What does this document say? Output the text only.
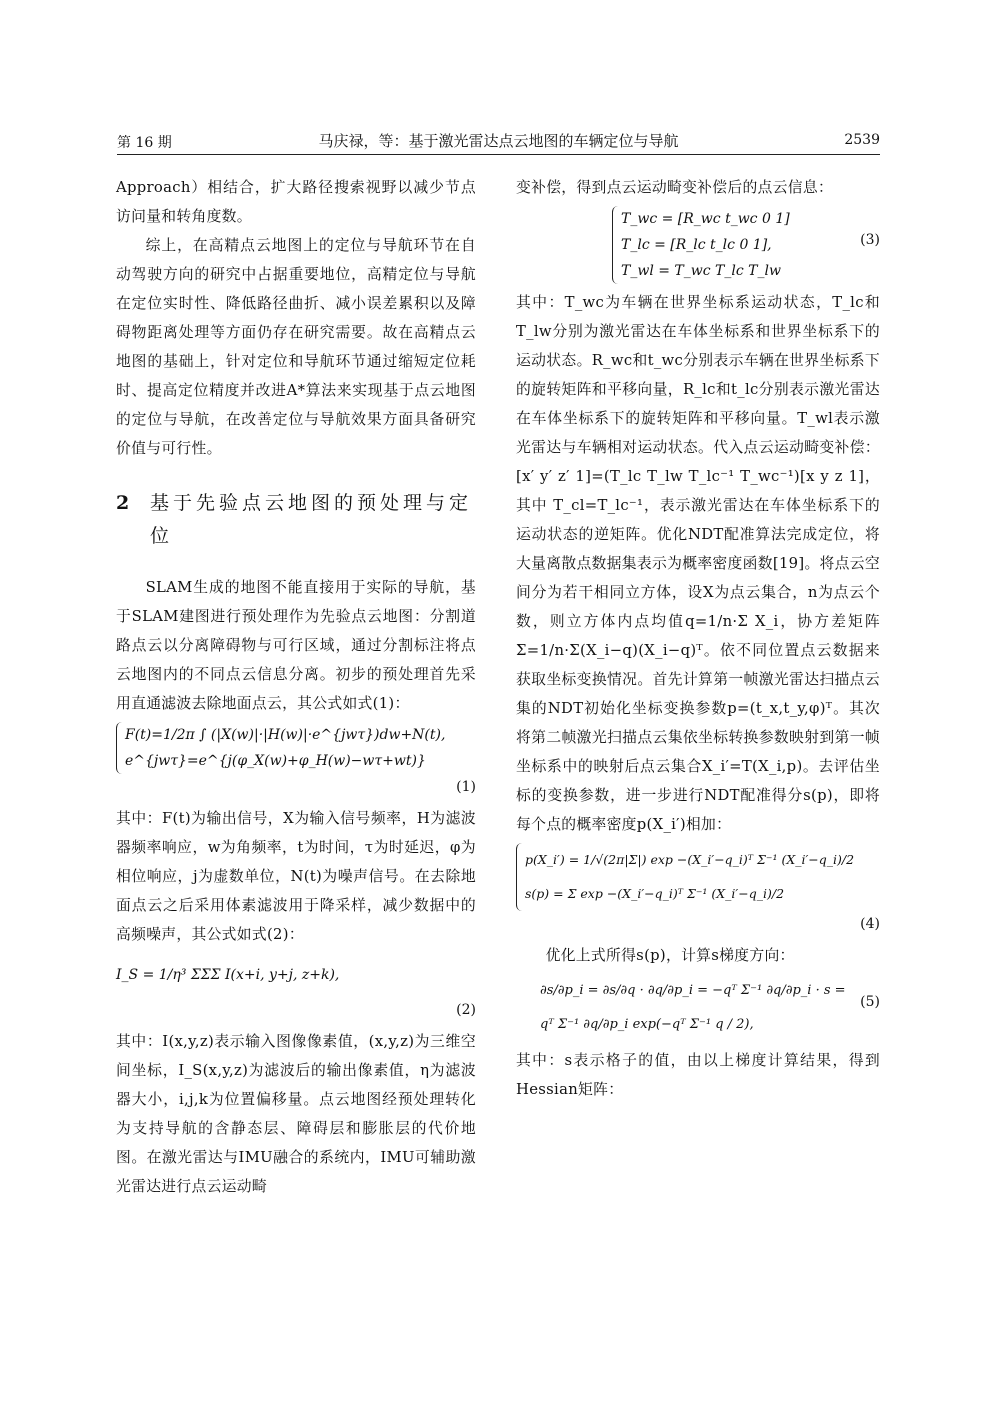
第 16 期	马庆禄，等：基于激光雷达点云地图的车辆定位与导航	2539

Approach）相结合，扩大路径搜索视野以减少节点访问量和转角度数。

综上，在高精点云地图上的定位与导航环节在自动驾驶方向的研究中占据重要地位，高精定位与导航在定位实时性、降低路径曲折、减小误差累积以及障碍物距离处理等方面仍存在研究需要。故在高精点云地图的基础上，针对定位和导航环节通过缩短定位耗时、提高定位精度并改进A*算法来实现基于点云地图的定位与导航，在改善定位与导航效果方面具备研究价值与可行性。

2 基于先验点云地图的预处理与定位

SLAM生成的地图不能直接用于实际的导航，基于SLAM建图进行预处理作为先验点云地图：分割道路点云以分离障碍物与可行区域，通过分割标注将点云地图内的不同点云信息分离。初步的预处理首先采用直通滤波去除地面点云，其公式如式(1)：

F(t)=1/2π ∫ (|X(w)|·|H(w)|·e^{jwτ})dw+N(t),
e^{jwτ}=e^{j(φ_X(w)+φ_H(w)−wτ+wt)}
(1)

其中：F(t)为输出信号，X为输入信号频率，H为滤波器频率响应，w为角频率，t为时间，τ为时延迟，φ为相位响应，j为虚数单位，N(t)为噪声信号。在去除地面点云之后采用体素滤波用于降采样，减少数据中的高频噪声，其公式如式(2)：

I_S = 1/η³ ΣΣΣ I(x+i, y+j, z+k),
(2)

其中：I(x,y,z)表示输入图像像素值，(x,y,z)为三维空间坐标，I_S(x,y,z)为滤波后的输出像素值，η为滤波器大小，i,j,k为位置偏移量。点云地图经预处理转化为支持导航的含静态层、障碍层和膨胀层的代价地图。在激光雷达与IMU融合的系统内，IMU可辅助激光雷达进行点云运动畸

变补偿，得到点云运动畸变补偿后的点云信息：

T_wc = [R_wc t_wc 0 1]
T_lc = [R_lc t_lc 0 1],
T_wl = T_wc T_lc T_lw
(3)

其中：T_wc为车辆在世界坐标系运动状态，T_lc和T_lw分别为激光雷达在车体坐标系和世界坐标系下的运动状态。R_wc和t_wc分别表示车辆在世界坐标系下的旋转矩阵和平移向量，R_lc和t_lc分别表示激光雷达在车体坐标系下的旋转矩阵和平移向量。T_wl表示激光雷达与车辆相对运动状态。代入点云运动畸变补偿：[x′ y′ z′ 1]=(T_lc T_lw T_lc⁻¹ T_wc⁻¹)[x y z 1]，其中 T_cl=T_lc⁻¹，表示激光雷达在车体坐标系下的运动状态的逆矩阵。优化NDT配准算法完成定位，将大量离散点数据集表示为概率密度函数[19]。将点云空间分为若干相同立方体，设X为点云集合，n为点云个数，则立方体内点均值q=1/n·Σ X_i，协方差矩阵Σ=1/n·Σ(X_i−q)(X_i−q)ᵀ。依不同位置点云数据来获取坐标变换情况。首先计算第一帧激光雷达扫描点云集的NDT初始化坐标变换参数p=(t_x,t_y,φ)ᵀ。其次将第二帧激光扫描点云集依坐标转换参数映射到第一帧坐标系中的映射后点云集合X_i′=T(X_i,p)。去评估坐标的变换参数，进一步进行NDT配准得分s(p)，即将每个点的概率密度p(X_i′)相加：

p(X_i′) = 1/√(2π|Σ|) exp −(X_i′−q_i)ᵀ Σ⁻¹ (X_i′−q_i)/2
s(p) = Σ exp −(X_i′−q_i)ᵀ Σ⁻¹ (X_i′−q_i)/2
(4)

优化上式所得s(p)，计算s梯度方向：

∂s/∂p_i = ∂s/∂q · ∂q/∂p_i = −qᵀ Σ⁻¹ ∂q/∂p_i · s =
qᵀ Σ⁻¹ ∂q/∂p_i exp(−qᵀ Σ⁻¹ q / 2),
(5)

其中：s表示格子的值，由以上梯度计算结果，得到Hessian矩阵：
